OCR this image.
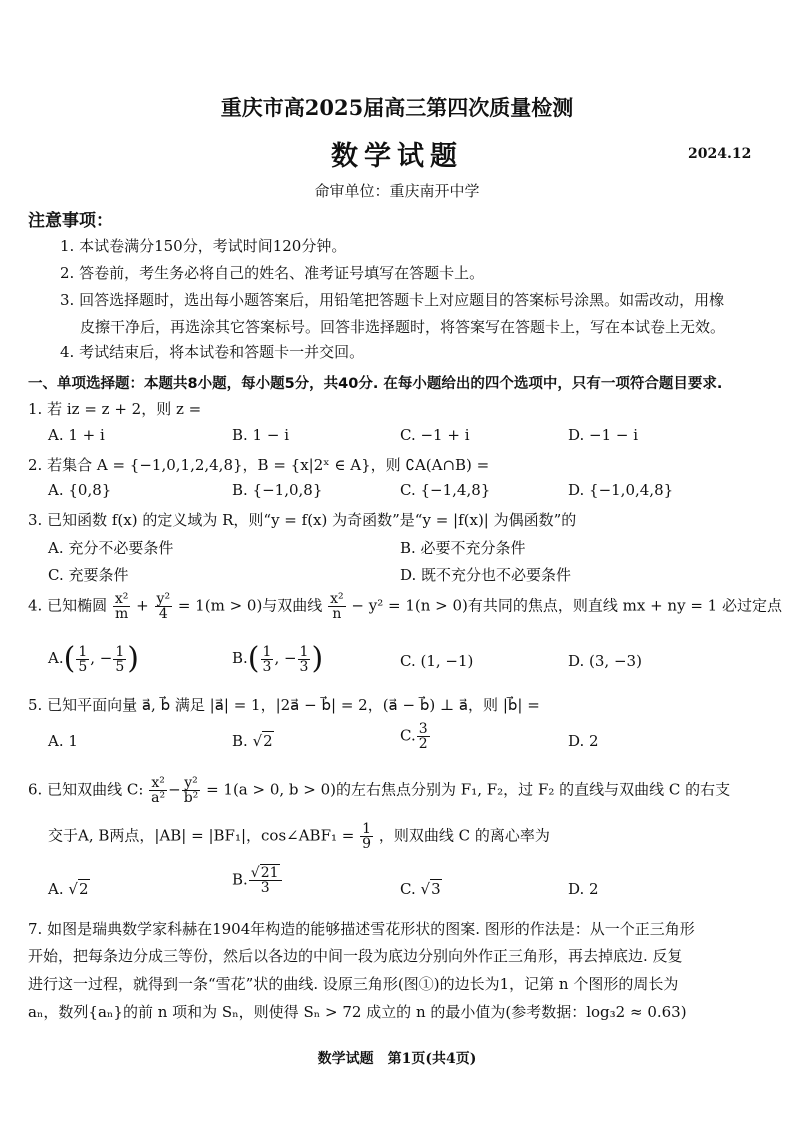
重庆市高2025届高三第四次质量检测
数学试题	2024.12
命审单位：重庆南开中学
注意事项：
1. 本试卷满分150分，考试时间120分钟。
2. 答卷前，考生务必将自己的姓名、准考证号填写在答题卡上。
3. 回答选择题时，选出每小题答案后，用铅笔把答题卡上对应题目的答案标号涂黑。如需改动，用橡
皮擦干净后，再选涂其它答案标号。回答非选择题时，将答案写在答题卡上，写在本试卷上无效。
4. 考试结束后，将本试卷和答题卡一并交回。
一、单项选择题：本题共8小题，每小题5分，共40分. 在每小题给出的四个选项中，只有一项符合题目要求.
1. 若 iz = z + 2，则 z =
A. 1 + i	B. 1 − i	C. −1 + i	D. −1 − i
2. 若集合 A = {−1,0,1,2,4,8}，B = {x|2ˣ ∈ A}，则 ∁A(A∩B) =
A. {0,8}	B. {−1,0,8}	C. {−1,4,8}	D. {−1,0,4,8}
3. 已知函数 f(x) 的定义域为 R，则“y = f(x) 为奇函数”是“y = |f(x)| 为偶函数”的
A. 充分不必要条件	B. 必要不充分条件
C. 充要条件	D. 既不充分也不必要条件
4. 已知椭圆 $\frac{\text{x²}}{m} + \frac{\text{y²}}{4} = 1(m > 0)$与双曲线 $\frac{\text{x²}}{n} - y^2 = 1(n > 0)$有共同的焦点，则直线 mx + ny = 1 必过定点
$A.( \frac{1}{5}$ , − $\frac{1}{5}$ )	$B.( \frac{1}{3}$ , − $\frac{1}{3}$ )	C. (1, −1)	D. (3, −3)
5. 已知平面向量 a⃗, b⃗ 满足 |a⃗| = 1，|2a⃗ − b⃗| = 2，(a⃗ − b⃗) ⊥ a⃗，则 |b⃗| =
A. 1	B. √2	C. $\frac{3}{2}$	D. 2
6. 已知双曲线 C: $\frac{\text{x²}}{\text{a²}} - \frac{\text{y²}}{\text{b²}} = 1(a > 0$, b > 0)的左右焦点分别为 F₁, F₂，过 F₂ 的直线与双曲线 C 的右支
交于A, B两点，|AB| = |BF₁|，cos∠ABF₁ = $\frac{1}{9}$ ，则双曲线 C 的离心率为
A. √2
B. $\frac{√21}{3}$	C. √3	D. 2
7. 如图是瑞典数学家科赫在1904年构造的能够描述雪花形状的图案. 图形的作法是：从一个正三角形
开始，把每条边分成三等份，然后以各边的中间一段为底边分别向外作正三角形，再去掉底边. 反复
进行这一过程，就得到一条“雪花”状的曲线. 设原三角形(图①)的边长为1，记第 n 个图形的周长为
aₙ，数列{aₙ}的前 n 项和为 Sₙ，则使得 Sₙ > 72 成立的 n 的最小值为(参考数据：log₃2 ≈ 0.63)
数学试题　第1页(共4页)
